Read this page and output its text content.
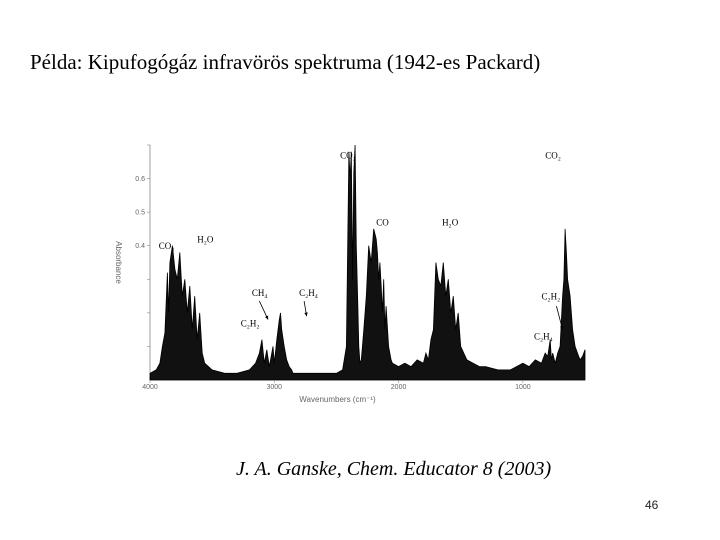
Példa: Kipufogógáz infravörös spektruma (1942-es Packard)
0.4
0.5
0.6
4000	3000	2000	1000
Wavenumbers (cm⁻¹)
Absorbance
CO₂	CO₂
CO	H₂O
CO₂
H₂O
CH₄	C₂H₄
C₂H₂
C₂H₂
C₂H₄
J. A. Ganske, Chem. Educator 8 (2003)
46
